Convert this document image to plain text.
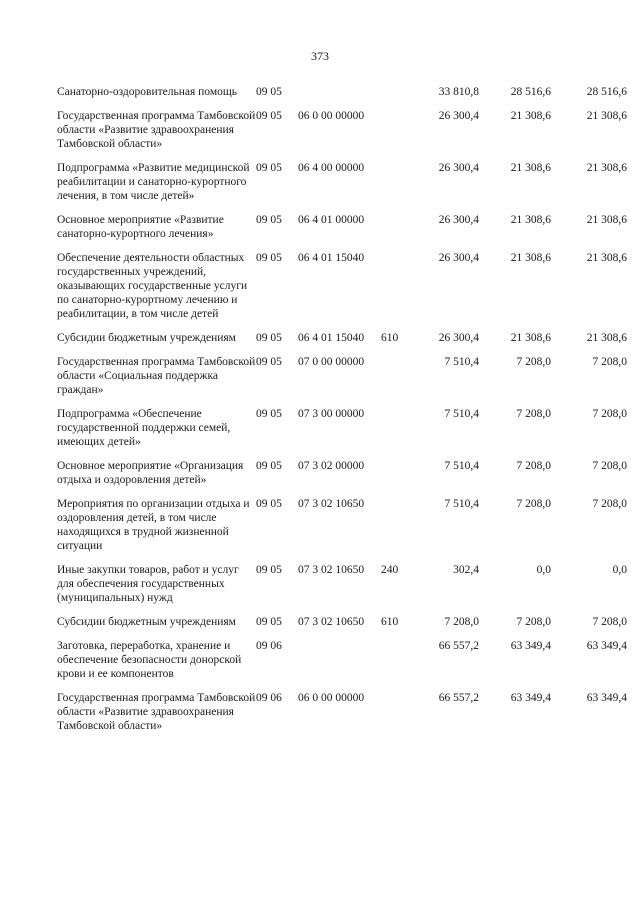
373
Санаторно-оздоровительная помощь	09 05			33 810,8	28 516,6	28 516,6
Государственная программа Тамбовской области «Развитие здравоохранения Тамбовской области»	09 05	06 0 00 00000		26 300,4	21 308,6	21 308,6
Подпрограмма «Развитие медицинской реабилитации и санаторно-курортного лечения, в том числе детей»	09 05	06 4 00 00000		26 300,4	21 308,6	21 308,6
Основное мероприятие «Развитие санаторно-курортного лечения»	09 05	06 4 01 00000		26 300,4	21 308,6	21 308,6
Обеспечение деятельности областных государственных учреждений, оказывающих государственные услуги по санаторно-курортному лечению и реабилитации, в том числе детей	09 05	06 4 01 15040		26 300,4	21 308,6	21 308,6
Субсидии бюджетным учреждениям	09 05	06 4 01 15040	610	26 300,4	21 308,6	21 308,6
Государственная программа Тамбовской области «Социальная поддержка граждан»	09 05	07 0 00 00000		7 510,4	7 208,0	7 208,0
Подпрограмма «Обеспечение государственной поддержки семей, имеющих детей»	09 05	07 3 00 00000		7 510,4	7 208,0	7 208,0
Основное мероприятие «Организация отдыха и оздоровления детей»	09 05	07 3 02 00000		7 510,4	7 208,0	7 208,0
Мероприятия по организации отдыха и оздоровления детей, в том числе находящихся в трудной жизненной ситуации	09 05	07 3 02 10650		7 510,4	7 208,0	7 208,0
Иные закупки товаров, работ и услуг для обеспечения государственных (муниципальных) нужд	09 05	07 3 02 10650	240	302,4	0,0	0,0
Субсидии бюджетным учреждениям	09 05	07 3 02 10650	610	7 208,0	7 208,0	7 208,0
Заготовка, переработка, хранение и обеспечение безопасности донорской крови и ее компонентов	09 06			66 557,2	63 349,4	63 349,4
Государственная программа Тамбовской области «Развитие здравоохранения Тамбовской области»	09 06	06 0 00 00000		66 557,2	63 349,4	63 349,4
